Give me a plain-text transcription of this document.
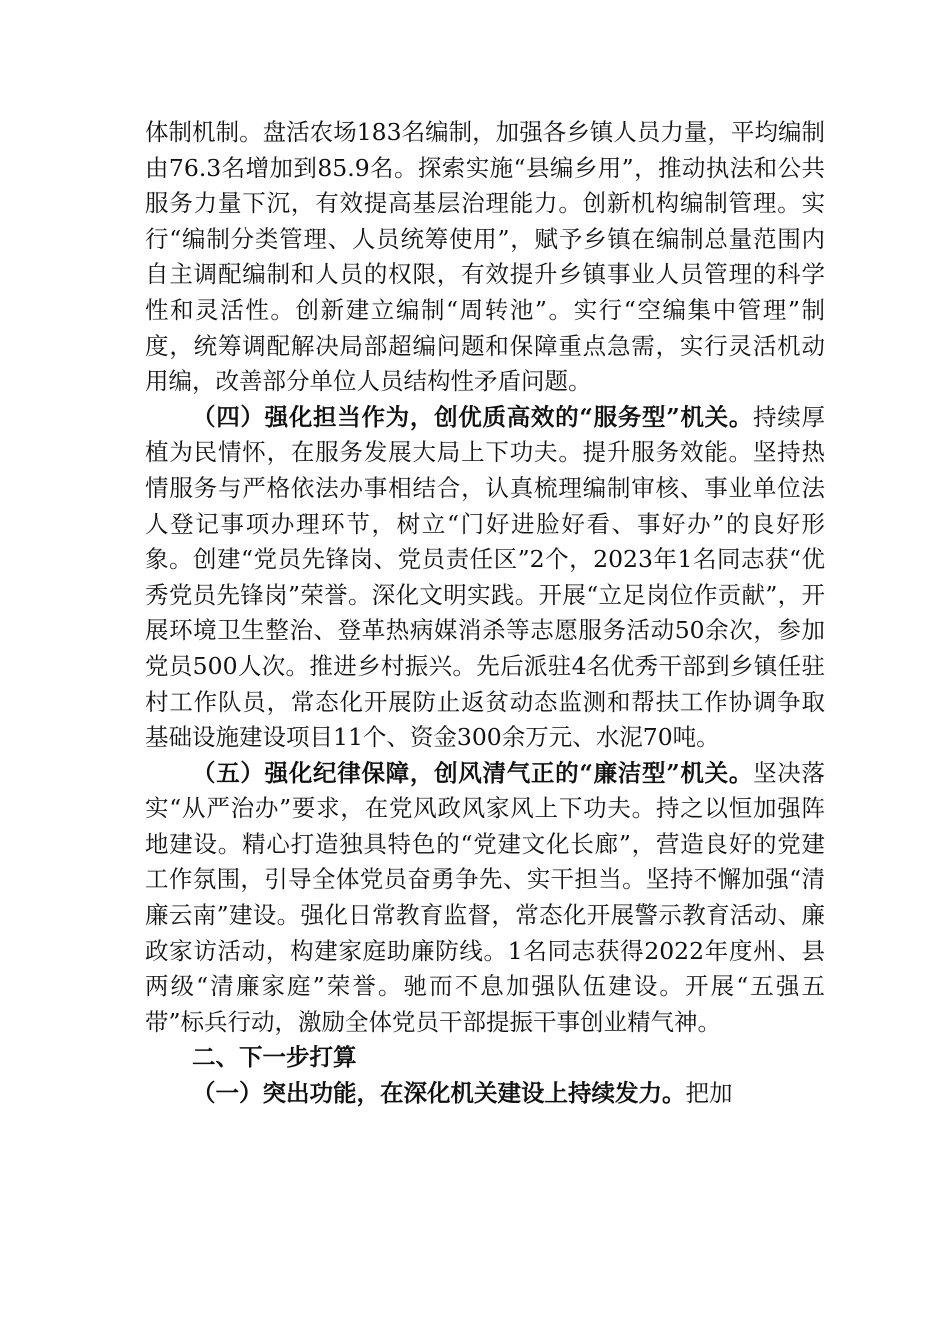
体制机制。盘活农场183名编制，加强各乡镇人员力量，平均编制由76.3名增加到85.9名。探索实施“县编乡用”，推动执法和公共服务力量下沉，有效提高基层治理能力。创新机构编制管理。实行“编制分类管理、人员统筹使用”，赋予乡镇在编制总量范围内自主调配编制和人员的权限，有效提升乡镇事业人员管理的科学性和灵活性。创新建立编制“周转池”。实行“空编集中管理”制度，统筹调配解决局部超编问题和保障重点急需，实行灵活机动用编，改善部分单位人员结构性矛盾问题。

（四）强化担当作为，创优质高效的“服务型”机关。持续厚植为民情怀，在服务发展大局上下功夫。提升服务效能。坚持热情服务与严格依法办事相结合，认真梳理编制审核、事业单位法人登记事项办理环节，树立“门好进脸好看、事好办”的良好形象。创建“党员先锋岗、党员责任区”2个，2023年1名同志获“优秀党员先锋岗”荣誉。深化文明实践。开展“立足岗位作贡献”，开展环境卫生整治、登革热病媒消杀等志愿服务活动50余次，参加党员500人次。推进乡村振兴。先后派驻4名优秀干部到乡镇任驻村工作队员，常态化开展防止返贫动态监测和帮扶工作协调争取基础设施建设项目11个、资金300余万元、水泥70吨。

（五）强化纪律保障，创风清气正的“廉洁型”机关。坚决落实“从严治办”要求，在党风政风家风上下功夫。持之以恒加强阵地建设。精心打造独具特色的“党建文化长廊”，营造良好的党建工作氛围，引导全体党员奋勇争先、实干担当。坚持不懈加强“清廉云南”建设。强化日常教育监督，常态化开展警示教育活动、廉政家访活动，构建家庭助廉防线。1名同志获得2022年度州、县两级“清廉家庭”荣誉。驰而不息加强队伍建设。开展“五强五带”标兵行动，激励全体党员干部提振干事创业精气神。

二、下一步打算

（一）突出功能，在深化机关建设上持续发力。把加
